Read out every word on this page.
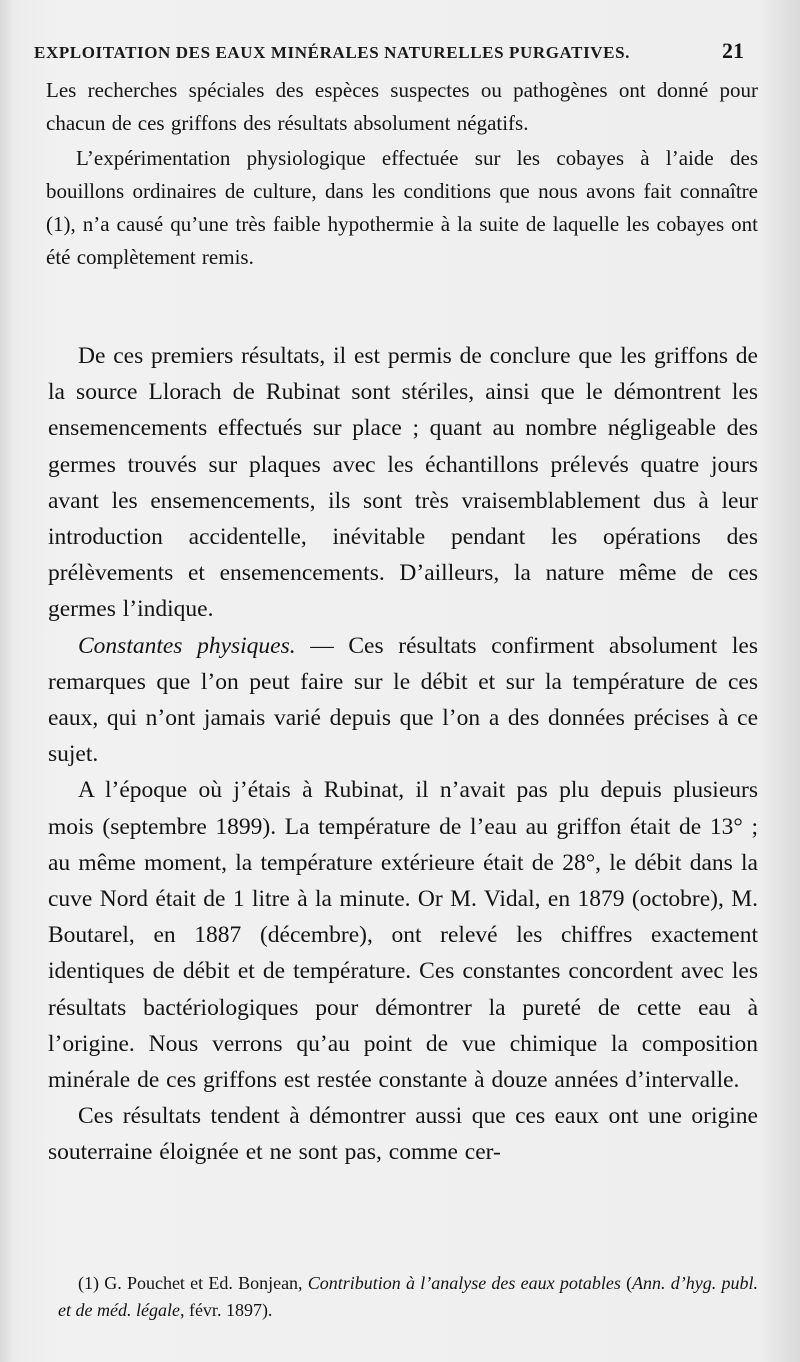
EXPLOITATION DES EAUX MINÉRALES NATURELLES PURGATIVES.	21

Les recherches spéciales des espèces suspectes ou pathogènes ont donné pour chacun de ces griffons des résultats absolument négatifs.

L’expérimentation physiologique effectuée sur les cobayes à l’aide des bouillons ordinaires de culture, dans les conditions que nous avons fait connaître (1), n’a causé qu’une très faible hypothermie à la suite de laquelle les cobayes ont été complètement remis.

De ces premiers résultats, il est permis de conclure que les griffons de la source Llorach de Rubinat sont stériles, ainsi que le démontrent les ensemencements effectués sur place ; quant au nombre négligeable des germes trouvés sur plaques avec les échantillons prélevés quatre jours avant les ensemencements, ils sont très vraisemblablement dus à leur introduction accidentelle, inévitable pendant les opérations des prélèvements et ensemencements. D’ailleurs, la nature même de ces germes l’indique.

Constantes physiques. — Ces résultats confirment absolument les remarques que l’on peut faire sur le débit et sur la température de ces eaux, qui n’ont jamais varié depuis que l’on a des données précises à ce sujet.

A l’époque où j’étais à Rubinat, il n’avait pas plu depuis plusieurs mois (septembre 1899). La température de l’eau au griffon était de 13° ; au même moment, la température extérieure était de 28°, le débit dans la cuve Nord était de 1 litre à la minute. Or M. Vidal, en 1879 (octobre), M. Boutarel, en 1887 (décembre), ont relevé les chiffres exactement identiques de débit et de température. Ces constantes concordent avec les résultats bactériologiques pour démontrer la pureté de cette eau à l’origine. Nous verrons qu’au point de vue chimique la composition minérale de ces griffons est restée constante à douze années d’intervalle.

Ces résultats tendent à démontrer aussi que ces eaux ont une origine souterraine éloignée et ne sont pas, comme cer-

(1) G. Pouchet et Ed. Bonjean, Contribution à l’analyse des eaux potables (Ann. d’hyg. publ. et de méd. légale, févr. 1897).
